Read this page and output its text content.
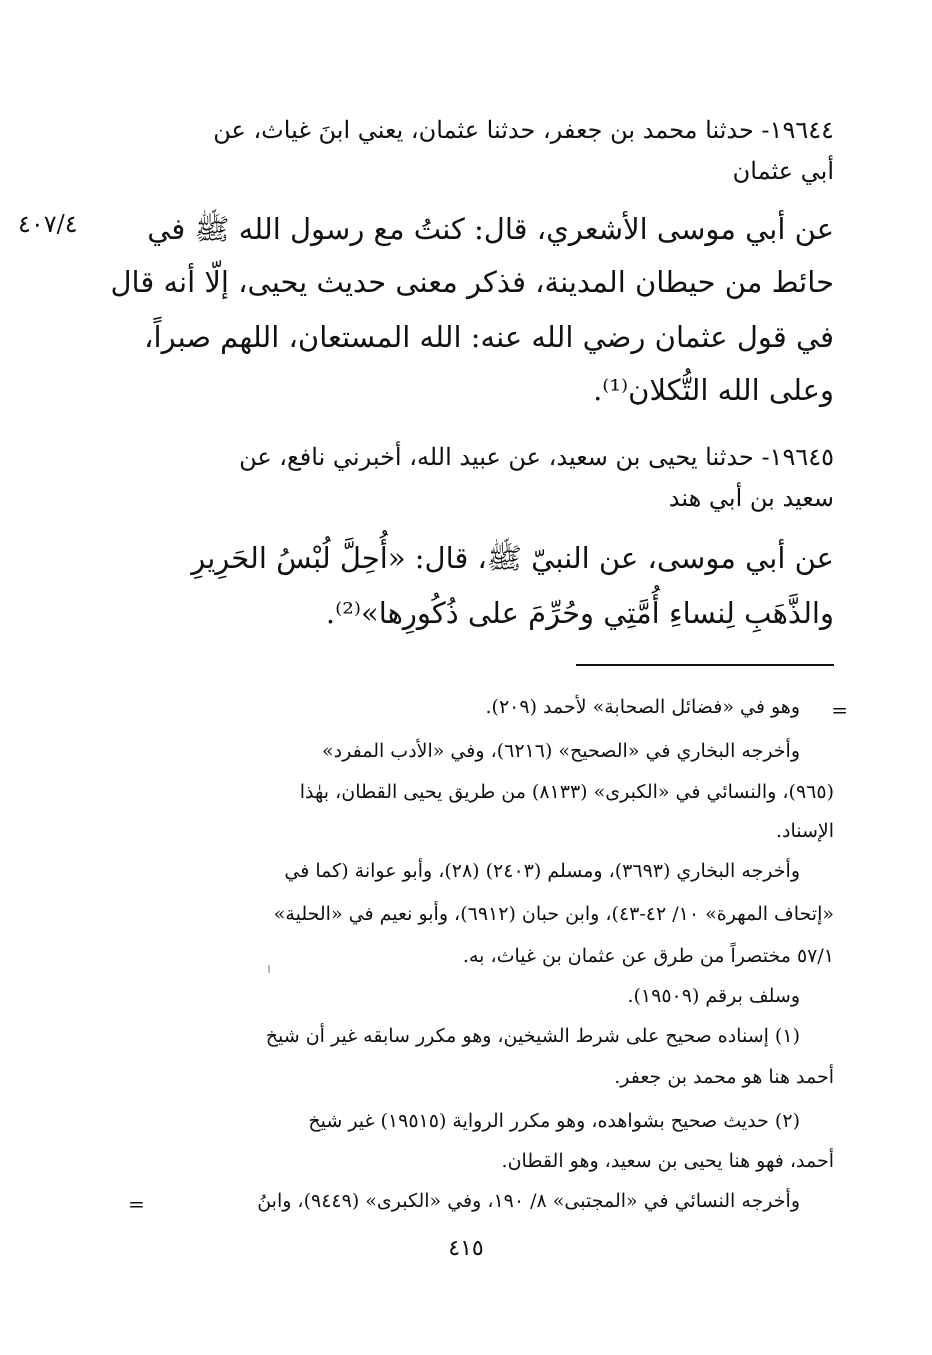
١٩٦٤٤- حدثنا محمد بن جعفر، حدثنا عثمان، يعني ابنَ غياث، عن
أبي عثمان
٤٠٧/٤ عن أبي موسى الأشعري، قال: كنتُ مع رسول الله ﷺ في
حائط من حيطان المدينة، فذكر معنى حديث يحيى، إلّا أنه قال
في قول عثمان رضي الله عنه: الله المستعان، اللهم صبراً،
وعلى الله التُّكلان⁽¹⁾.
١٩٦٤٥- حدثنا يحيى بن سعيد، عن عبيد الله، أخبرني نافع، عن
سعيد بن أبي هند
عن أبي موسى، عن النبيّ ﷺ، قال: «أُحِلَّ لُبْسُ الحَرِيرِ
والذَّهَبِ لِنساءِ أُمَّتِي وحُرِّمَ على ذُكُورِها»⁽²⁾.
=
وهو في «فضائل الصحابة» لأحمد (٢٠٩).
وأخرجه البخاري في «الصحيح» (٦٢١٦)، وفي «الأدب المفرد»
(٩٦٥)، والنسائي في «الكبرى» (٨١٣٣) من طريق يحيى القطان، بهٰذا
الإسناد.
وأخرجه البخاري (٣٦٩٣)، ومسلم (٢٤٠٣) (٢٨)، وأبو عوانة (كما في
«إتحاف المهرة» ١٠/ ٤٢-٤٣)، وابن حبان (٦٩١٢)، وأبو نعيم في «الحلية»
٥٧/١ مختصراً من طرق عن عثمان بن غياث، به.
وسلف برقم (١٩٥٠٩).
(١) إسناده صحيح على شرط الشيخين، وهو مكرر سابقه غير أن شيخ
أحمد هنا هو محمد بن جعفر.
(٢) حديث صحيح بشواهده، وهو مكرر الرواية (١٩٥١٥) غير شيخ
أحمد، فهو هنا يحيى بن سعيد، وهو القطان.
وأخرجه النسائي في «المجتبى» ٨/ ١٩٠، وفي «الكبرى» (٩٤٤٩)، وابنُ
=
٤١٥
